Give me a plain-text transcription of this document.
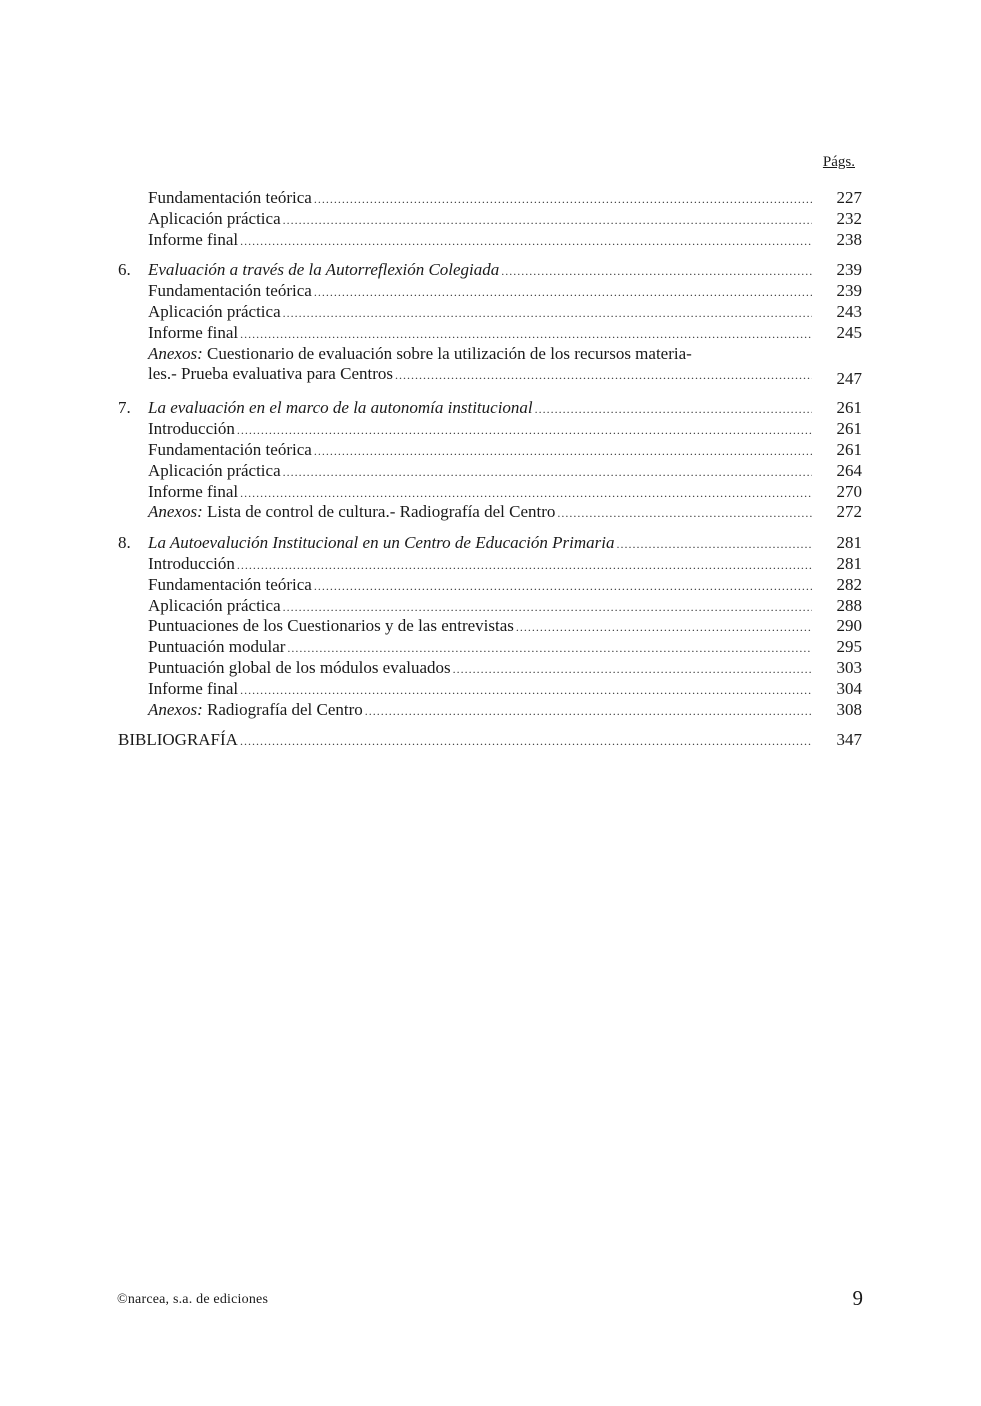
Págs.
Fundamentación teórica .....	227
Aplicación práctica .....	232
Informe final .....	238
6.	Evaluación a través de la Autorreflexión Colegiada .....	239
Fundamentación teórica .....	239
Aplicación práctica .....	243
Informe final .....	245
Anexos: Cuestionario de evaluación sobre la utilización de los recursos materia-
les.- Prueba evaluativa para Centros .....	247
7.	La evaluación en el marco de la autonomía institucional .....	261
Introducción .....	261
Fundamentación teórica .....	261
Aplicación práctica .....	264
Informe final .....	270
Anexos: Lista de control de cultura.- Radiografía del Centro .....	272
8.	La Autoevalución Institucional en un Centro de Educación Primaria .....	281
Introducción .....	281
Fundamentación teórica .....	282
Aplicación práctica .....	288
Puntuaciones de los Cuestionarios y de las entrevistas .....	290
Puntuación modular .....	295
Puntuación global de los módulos evaluados .....	303
Informe final .....	304
Anexos: Radiografía del Centro .....	308
BIBLIOGRAFÍA .....	347
©narcea, s.a. de ediciones	9
